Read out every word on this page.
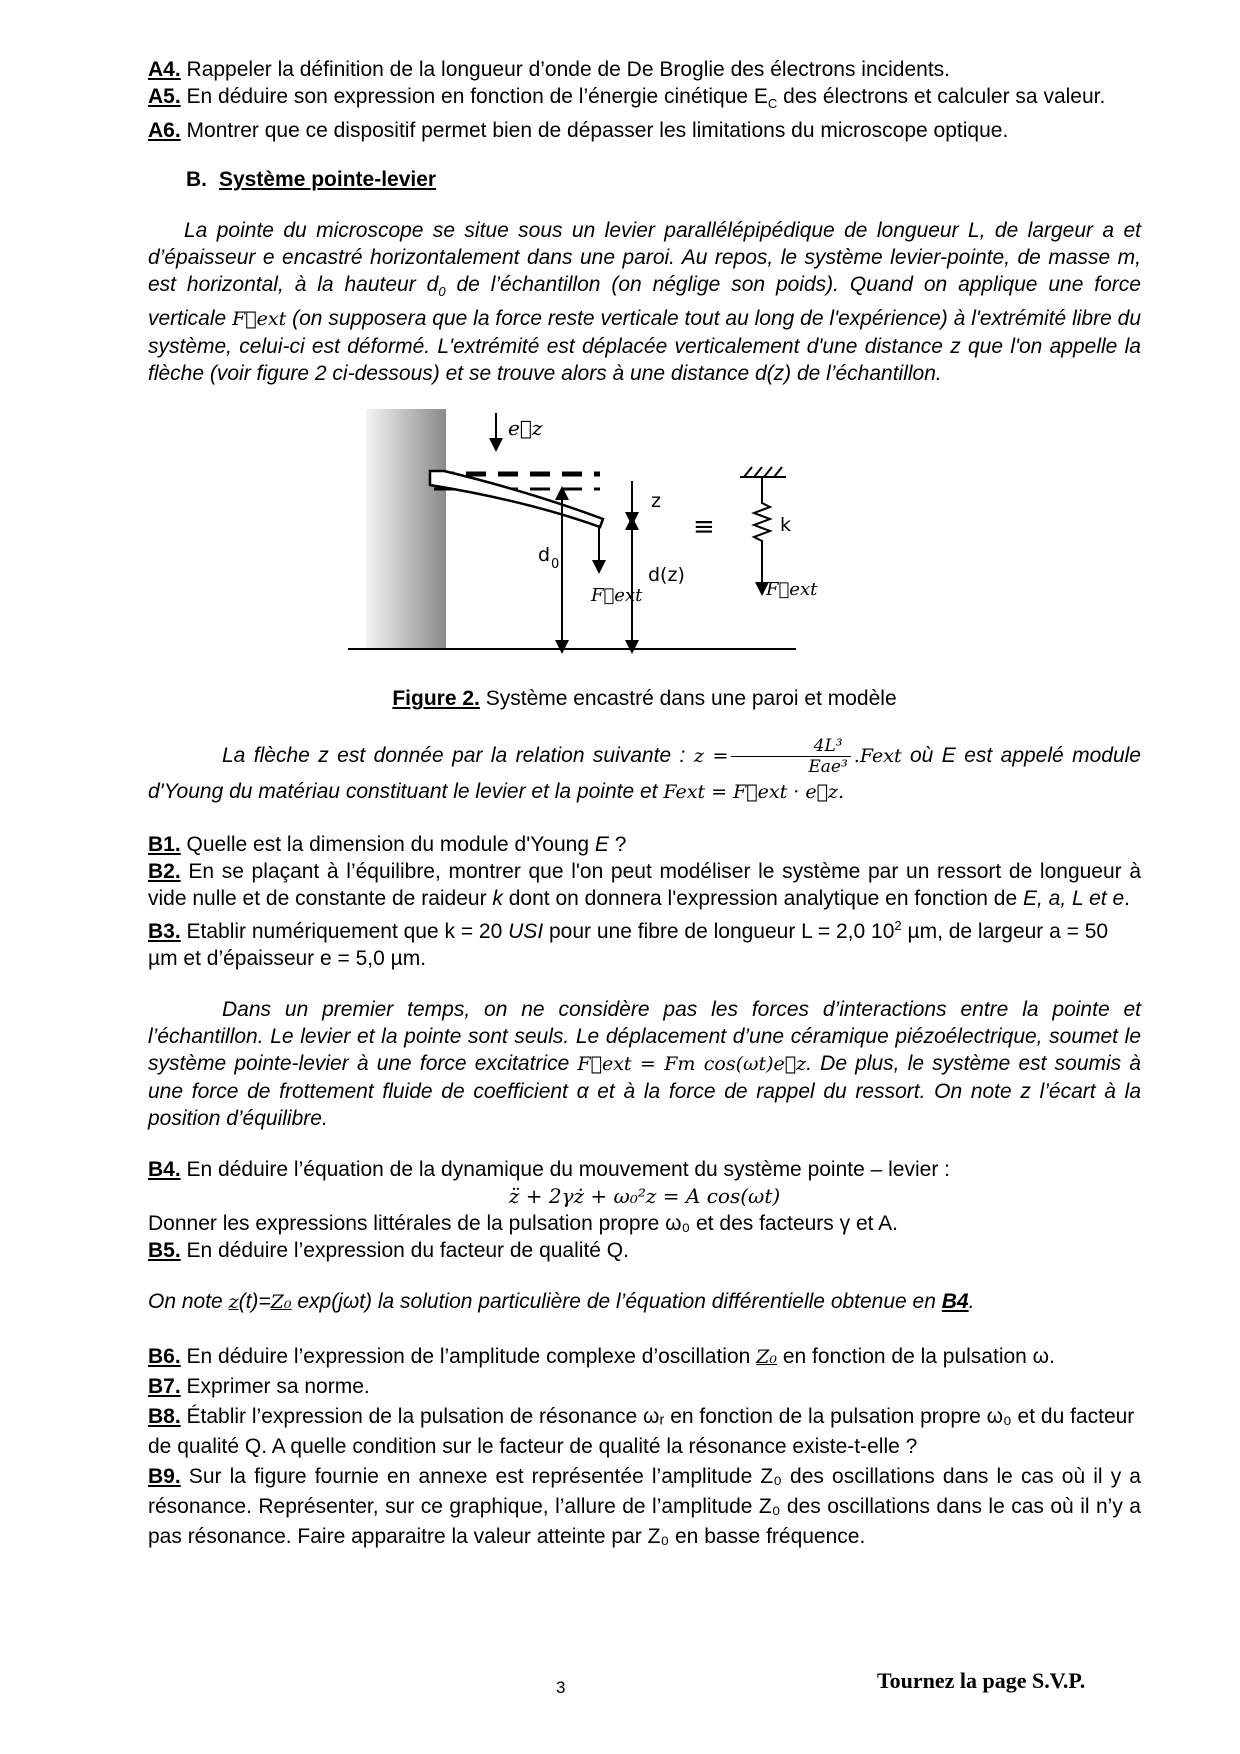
A4. Rappeler la définition de la longueur d’onde de De Broglie des électrons incidents.

A5. En déduire son expression en fonction de l’énergie cinétique $E_C$ des électrons et calculer sa valeur.

A6. Montrer que ce dispositif permet bien de dépasser les limitations du microscope optique.

B. Système pointe-levier

La pointe du microscope se situe sous un levier parallélépipédique de longueur L, de largeur a et d’épaisseur e encastré horizontalement dans une paroi. Au repos, le système levier-pointe, de masse m, est horizontal, à la hauteur $d_0$ de l’échantillon (on néglige son poids). Quand on applique une force verticale F⃗ext (on supposera que la force reste verticale tout au long de l'expérience) à l'extrémité libre du système, celui-ci est déformé. L'extrémité est déplacée verticalement d'une distance z que l'on appelle la flèche (voir figure 2 ci-dessous) et se trouve alors à une distance d(z) de l’échantillon.

e⃗z
F⃗ext
z
d(z)
d 0
≡	k
F⃗ext

Figure 2. Système encastré dans une paroi et modèle

La flèche z est donnée par la relation suivante : $z = \frac{\text{4L³}}{\text{Eae³}}$ .Fext où E est appelé module d'Young du matériau constituant le levier et la pointe et Fext = F⃗ext · e⃗z.

B1. Quelle est la dimension du module d'Young E ?

B2. En se plaçant à l’équilibre, montrer que l'on peut modéliser le système par un ressort de longueur à vide nulle et de constante de raideur k dont on donnera l'expression analytique en fonction de E, a, L et e.

B3. Etablir numériquement que k = 20 USI pour une fibre de longueur L = 2,0 $10^2$ µm, de largeur a = 50 µm et d’épaisseur e = 5,0 µm.

Dans un premier temps, on ne considère pas les forces d’interactions entre la pointe et l’échantillon. Le levier et la pointe sont seuls. Le déplacement d’une céramique piézoélectrique, soumet le système pointe-levier à une force excitatrice F⃗ext = Fm cos(ωt)e⃗z. De plus, le système est soumis à une force de frottement fluide de coefficient α et à la force de rappel du ressort. On note z l’écart à la position d’équilibre.

B4. En déduire l’équation de la dynamique du mouvement du système pointe – levier :

z̈ + 2γż + ω₀²z = A cos(ωt)

Donner les expressions littérales de la pulsation propre ω₀ et des facteurs γ et A.

B5. En déduire l’expression du facteur de qualité Q.

On note z(t)=Z₀ exp(jωt) la solution particulière de l’équation différentielle obtenue en B4.

B6. En déduire l’expression de l’amplitude complexe d’oscillation Z₀ en fonction de la pulsation ω.

B7. Exprimer sa norme.

B8. Établir l’expression de la pulsation de résonance ωᵣ en fonction de la pulsation propre ω₀ et du facteur de qualité Q. A quelle condition sur le facteur de qualité la résonance existe-t-elle ?

B9. Sur la figure fournie en annexe est représentée l’amplitude Z₀ des oscillations dans le cas où il y a résonance. Représenter, sur ce graphique, l’allure de l’amplitude Z₀ des oscillations dans le cas où il n’y a pas résonance. Faire apparaitre la valeur atteinte par Z₀ en basse fréquence.

3	Tournez la page S.V.P.
